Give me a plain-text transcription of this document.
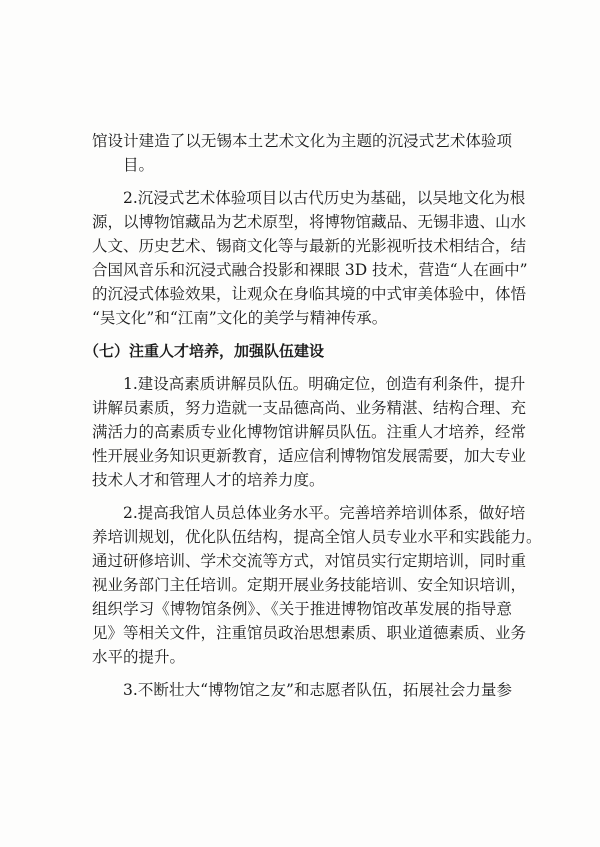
馆设计建造了以无锡本土艺术文化为主题的沉浸式艺术体验项
目。
2.沉浸式艺术体验项目以古代历史为基础，以吴地文化为根
源，以博物馆藏品为艺术原型，将博物馆藏品、无锡非遗、山水
人文、历史艺术、锡商文化等与最新的光影视听技术相结合，结
合国风音乐和沉浸式融合投影和裸眼 3D 技术，营造“人在画中”
的沉浸式体验效果，让观众在身临其境的中式审美体验中，体悟
“吴文化”和“江南”文化的美学与精神传承。
（七）注重人才培养，加强队伍建设
1.建设高素质讲解员队伍。明确定位，创造有利条件，提升
讲解员素质，努力造就一支品德高尚、业务精湛、结构合理、充
满活力的高素质专业化博物馆讲解员队伍。注重人才培养，经常
性开展业务知识更新教育，适应信利博物馆发展需要，加大专业
技术人才和管理人才的培养力度。
2.提高我馆人员总体业务水平。完善培养培训体系，做好培
养培训规划，优化队伍结构，提高全馆人员专业水平和实践能力。
通过研修培训、学术交流等方式，对馆员实行定期培训，同时重
视业务部门主任培训。定期开展业务技能培训、安全知识培训，
组织学习《博物馆条例》、《关于推进博物馆改革发展的指导意
见》等相关文件，注重馆员政治思想素质、职业道德素质、业务
水平的提升。
3.不断壮大“博物馆之友”和志愿者队伍，拓展社会力量参
